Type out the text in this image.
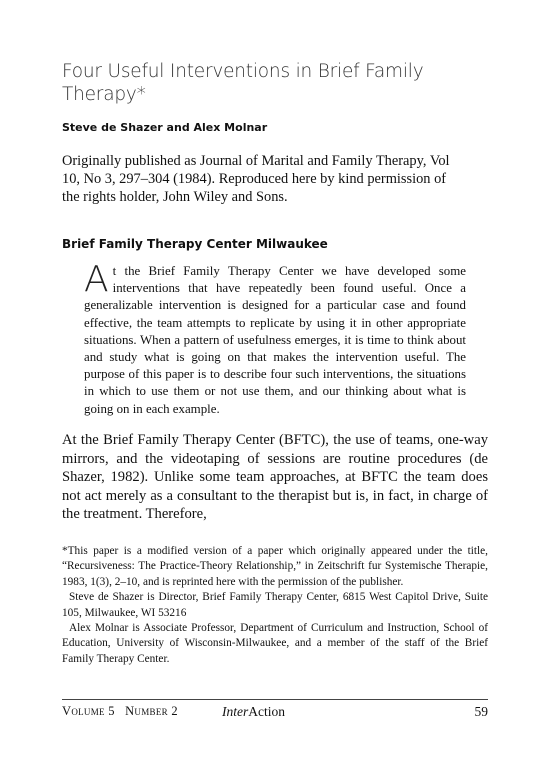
Four Useful Interventions in Brief Family Therapy*
Steve de Shazer and Alex Molnar
Originally published as Journal of Marital and Family Therapy, Vol 10, No 3, 297–304 (1984). Reproduced here by kind permission of the rights holder, John Wiley and Sons.
Brief Family Therapy Center Milwaukee
At the Brief Family Therapy Center we have developed some interventions that have repeatedly been found useful. Once a generalizable intervention is designed for a particular case and found effective, the team attempts to replicate by using it in other appropriate situations. When a pattern of usefulness emerges, it is time to think about and study what is going on that makes the intervention useful. The purpose of this paper is to describe four such interventions, the situations in which to use them or not use them, and our thinking about what is going on in each example.
At the Brief Family Therapy Center (BFTC), the use of teams, one-way mirrors, and the videotaping of sessions are routine procedures (de Shazer, 1982). Unlike some team approaches, at BFTC the team does not act merely as a consultant to the therapist but is, in fact, in charge of the treatment. Therefore,

*This paper is a modified version of a paper which originally appeared under the title, “Recursiveness: The Practice-Theory Relationship,” in Zeitschrift fur Systemische Therapie, 1983, 1(3), 2–10, and is reprinted here with the permission of the publisher.

Steve de Shazer is Director, Brief Family Therapy Center, 6815 West Capitol Drive, Suite 105, Milwaukee, WI 53216

Alex Molnar is Associate Professor, Department of Curriculum and Instruction, School of Education, University of Wisconsin-Milwaukee, and a member of the staff of the Brief Family Therapy Center.

Volume 5 Number 2	InterAction	59
